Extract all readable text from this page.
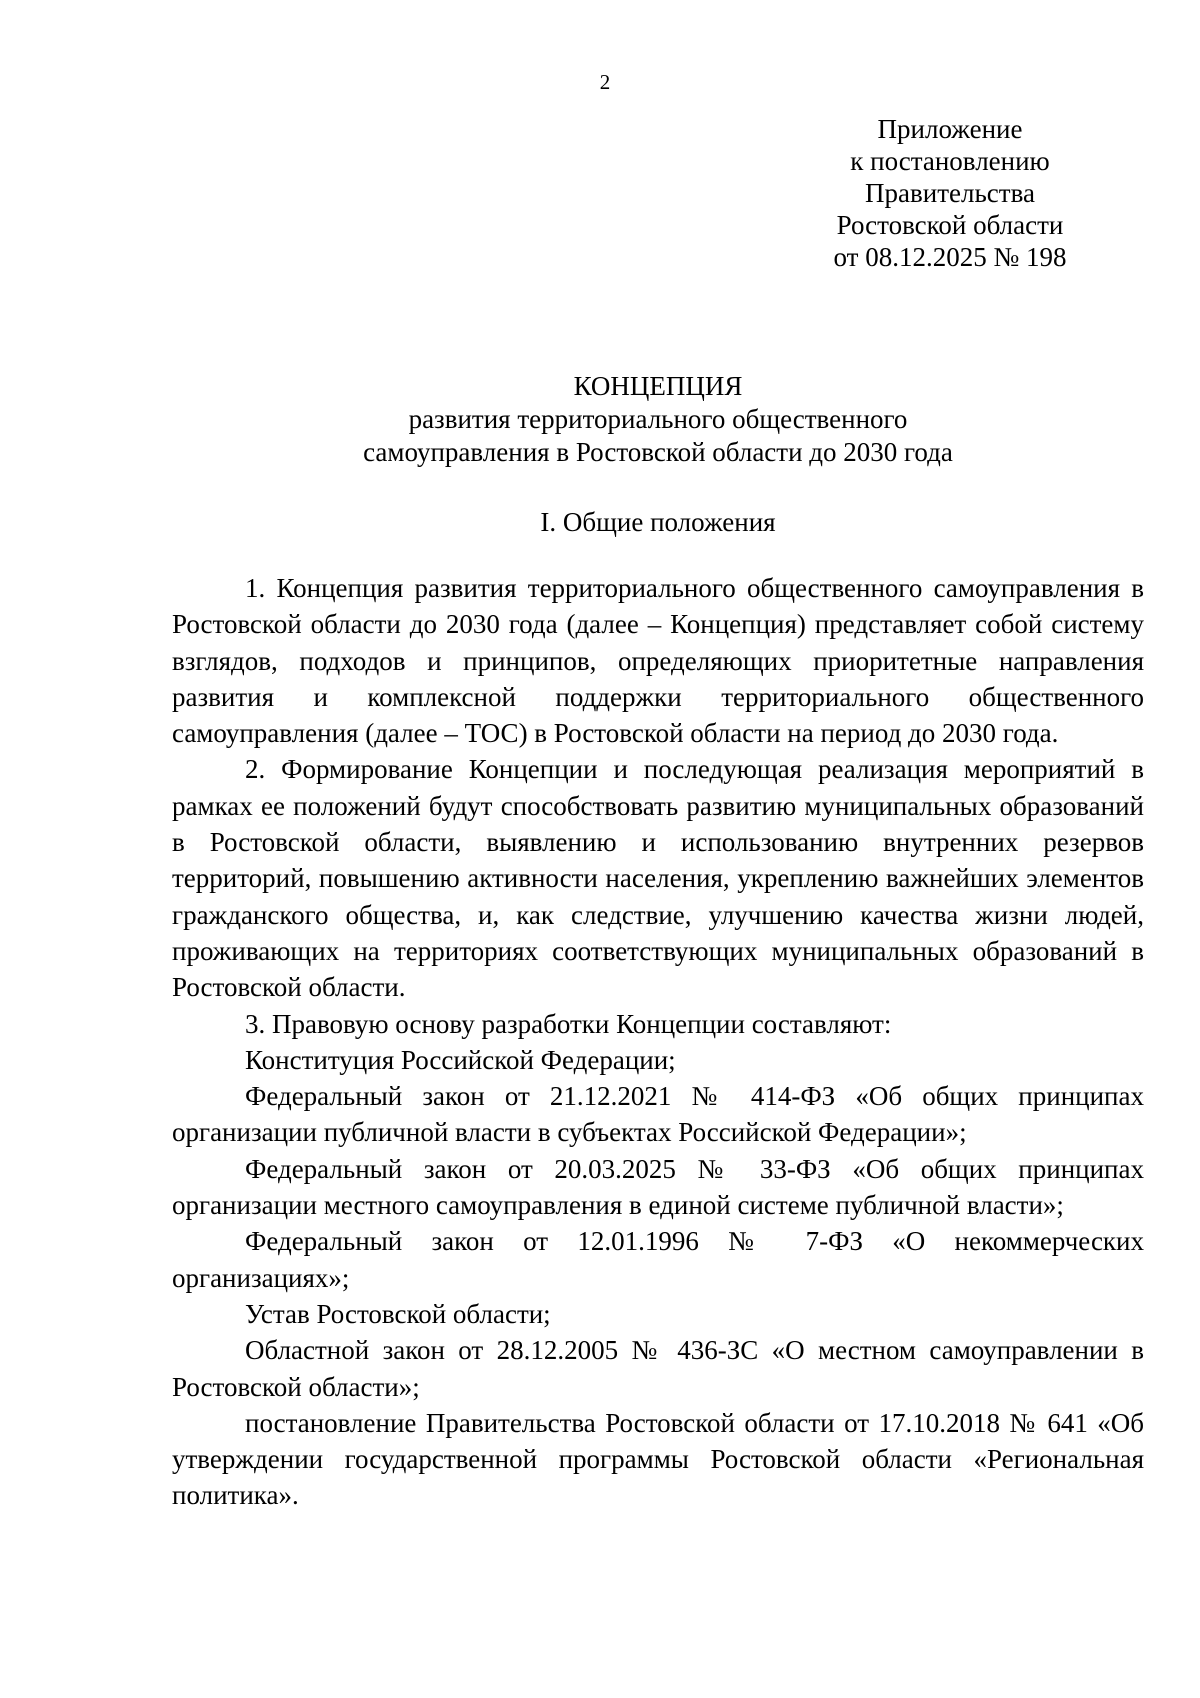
2
Приложение
к постановлению
Правительства
Ростовской области
от 08.12.2025 № 198
КОНЦЕПЦИЯ
развития территориального общественного
самоуправления в Ростовской области до 2030 года
I. Общие положения

1. Концепция развития территориального общественного самоуправления в Ростовской области до 2030 года (далее – Концепция) представляет собой систему взглядов, подходов и принципов, определяющих приоритетные направления развития и комплексной поддержки территориального общественного самоуправления (далее – ТОС) в Ростовской области на период до 2030 года.

2. Формирование Концепции и последующая реализация мероприятий в рамках ее положений будут способствовать развитию муниципальных образований в Ростовской области, выявлению и использованию внутренних резервов территорий, повышению активности населения, укреплению важнейших элементов гражданского общества, и, как следствие, улучшению качества жизни людей, проживающих на территориях соответствующих муниципальных образований в Ростовской области.

3. Правовую основу разработки Концепции составляют:

Конституция Российской Федерации;

Федеральный закон от 21.12.2021 № 414-ФЗ «Об общих принципах организации публичной власти в субъектах Российской Федерации»;

Федеральный закон от 20.03.2025 № 33-ФЗ «Об общих принципах организации местного самоуправления в единой системе публичной власти»;

Федеральный закон от 12.01.1996 № 7-ФЗ «О некоммерческих организациях»;

Устав Ростовской области;

Областной закон от 28.12.2005 № 436-ЗС «О местном самоуправлении в Ростовской области»;

постановление Правительства Ростовской области от 17.10.2018 № 641 «Об утверждении государственной программы Ростовской области «Региональная политика».
